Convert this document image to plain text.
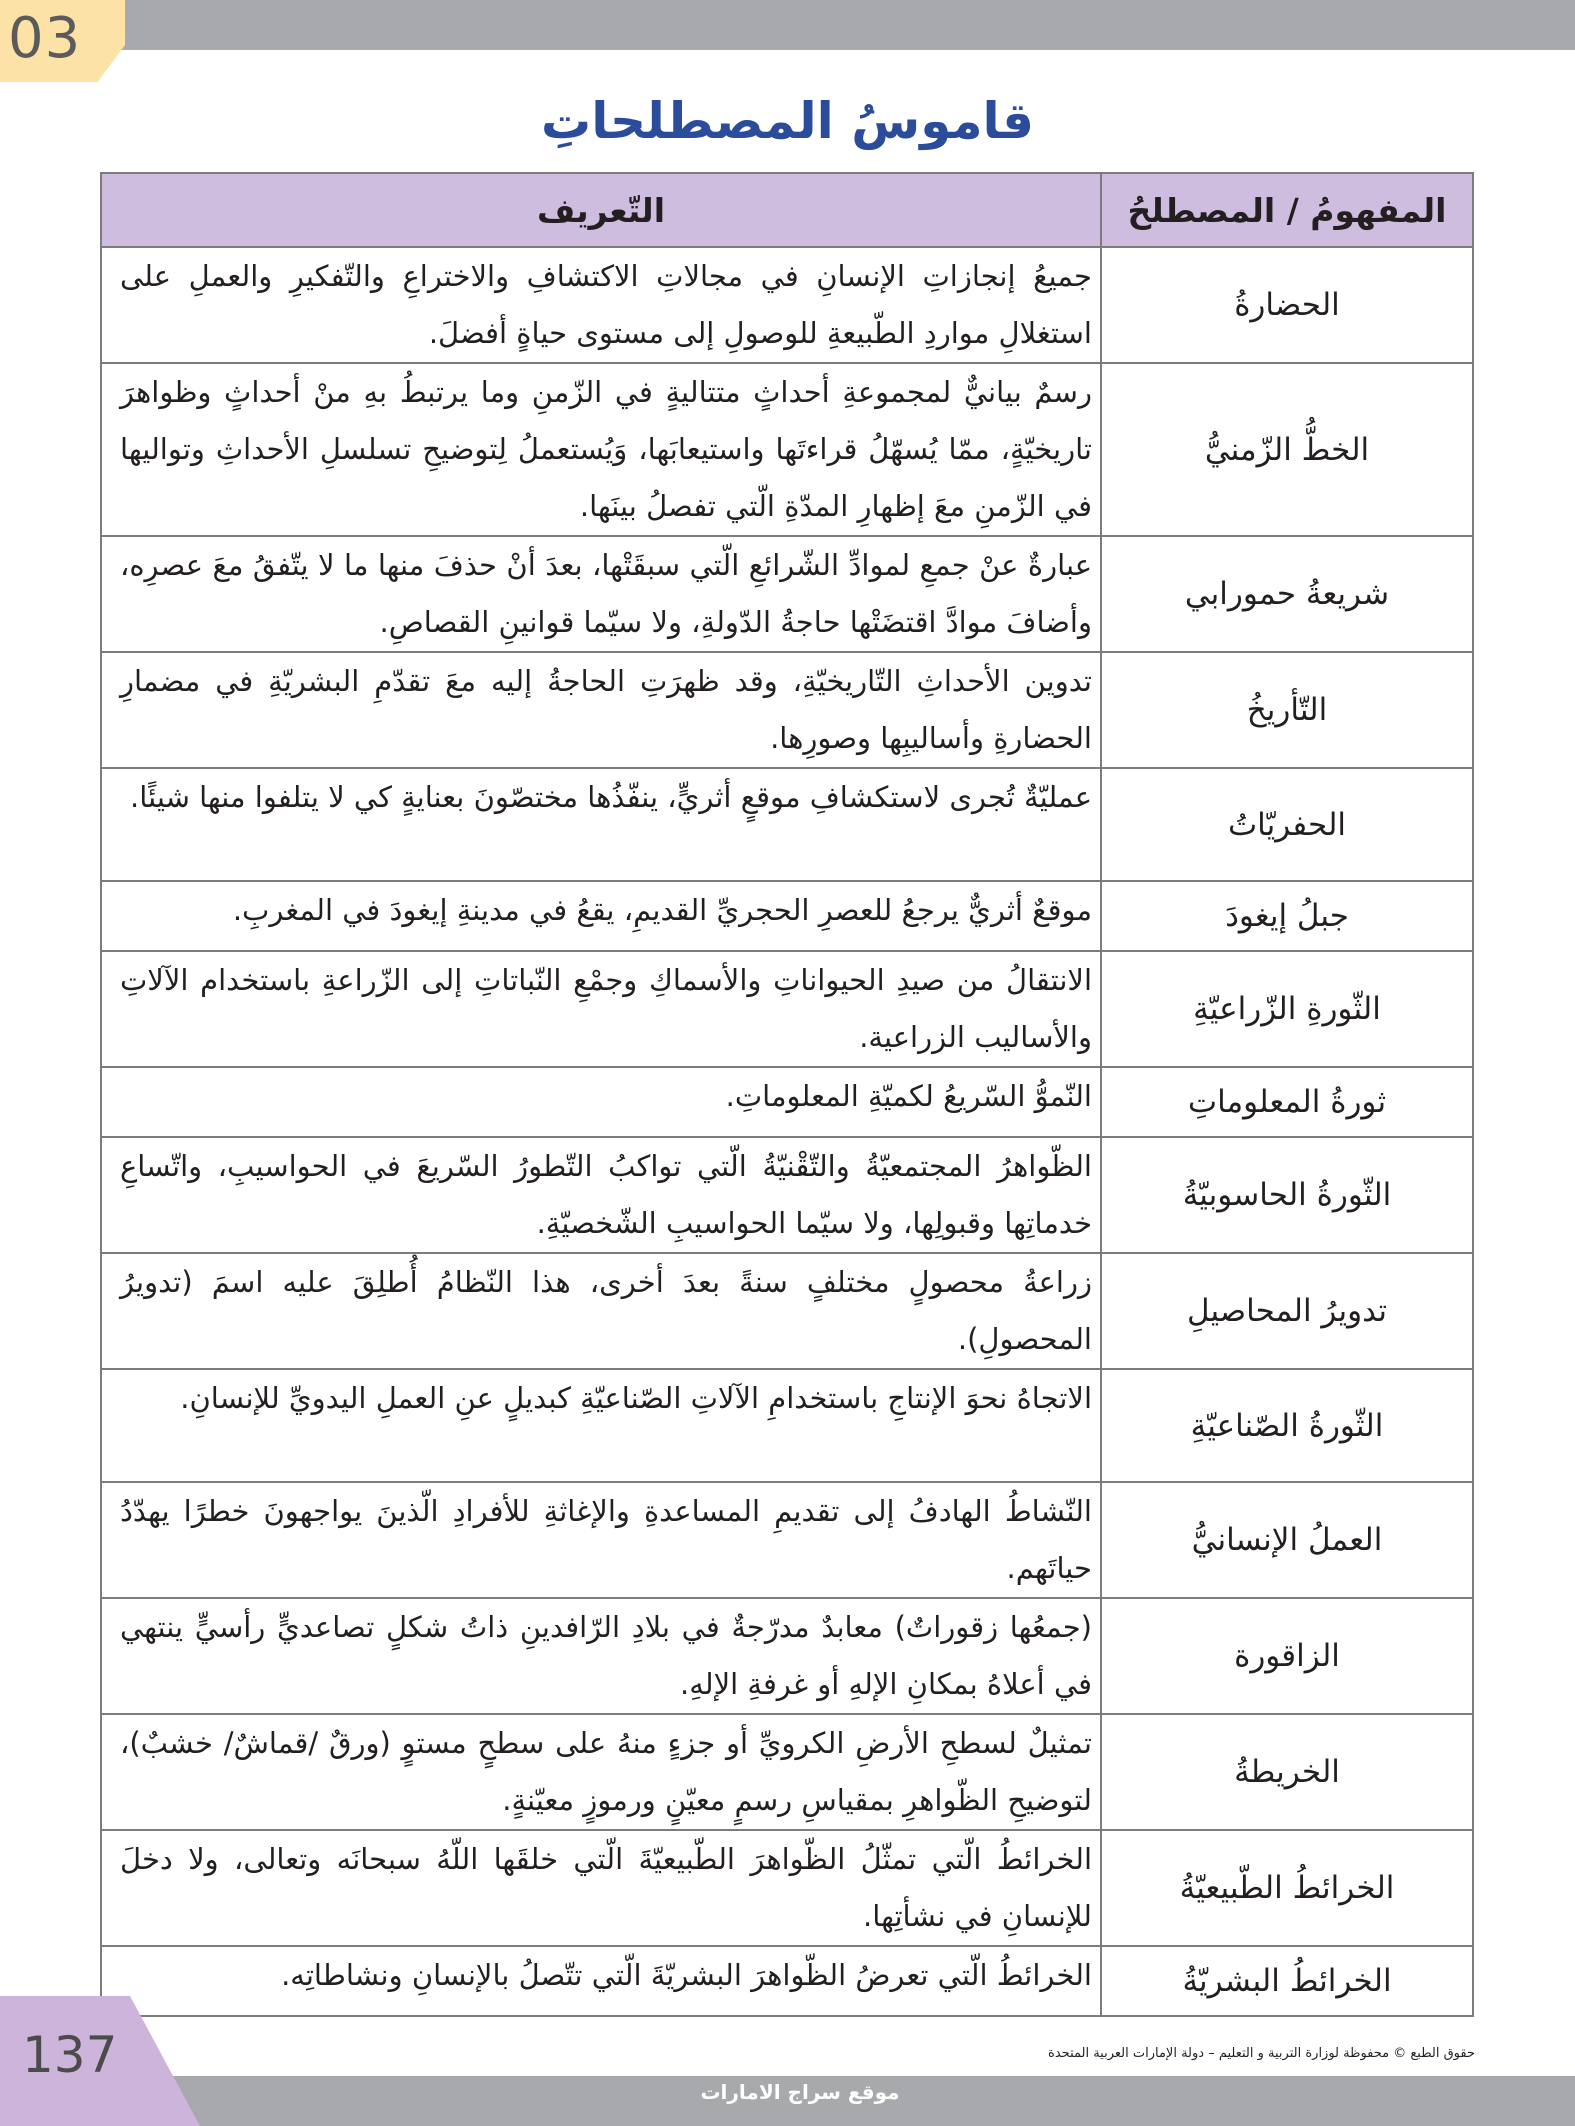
03
قاموسُ المصطلحاتِ
المفهومُ / المصطلحُ	التّعريف
الحضارةُ	جميعُ إنجازاتِ الإنسانِ في مجالاتِ الاكتشافِ والاختراعِ والتّفكيرِ والعملِ على استغلالِ مواردِ الطّبيعةِ للوصولِ إلى مستوى حياةٍ أفضلَ.
الخطُّ الزّمنيُّ	رسمٌ بيانيٌّ لمجموعةِ أحداثٍ متتاليةٍ في الزّمنِ وما يرتبطُ بهِ منْ أحداثٍ وظواهرَ تاريخيّةٍ، ممّا يُسهّلُ قراءتَها واستيعابَها، وَيُستعملُ لِتوضيحِ تسلسلِ الأحداثِ وتواليها في الزّمنِ معَ إظهارِ المدّةِ الّتي تفصلُ بينَها.
شريعةُ حمورابي	عبارةٌ عنْ جمعِ لموادِّ الشّرائعِ الّتي سبقَتْها، بعدَ أنْ حذفَ منها ما لا يتّفقُ معَ عصرِه، وأضافَ موادَّ اقتضَتْها حاجةُ الدّولةِ، ولا سيّما قوانينِ القصاصِ.
التّأريخُ	تدوين الأحداثِ التّاريخيّةِ، وقد ظهرَتِ الحاجةُ إليه معَ تقدّمِ البشريّةِ في مضمارِ الحضارةِ وأساليبِها وصورِها.
الحفريّاتُ	عمليّةٌ تُجرى لاستكشافِ موقعٍ أثريٍّ، ينفّذُها مختصّونَ بعنايةٍ كي لا يتلفوا منها شيئًا.
جبلُ إيغودَ	موقعٌ أثريٌّ يرجعُ للعصرِ الحجريِّ القديمِ، يقعُ في مدينةِ إيغودَ في المغربِ.
الثّورةِ الزّراعيّةِ	الانتقالُ من صيدِ الحيواناتِ والأسماكِ وجمْعِ النّباتاتِ إلى الزّراعةِ باستخدام الآلاتِ والأساليب الزراعية.
ثورةُ المعلوماتِ	النّموُّ السّريعُ لكميّةِ المعلوماتِ.
الثّورةُ الحاسوبيّةُ	الظّواهرُ المجتمعيّةُ والتّقْنيّةُ الّتي تواكبُ التّطورُ السّريعَ في الحواسيبِ، واتّساعِ خدماتِها وقبولِها، ولا سيّما الحواسيبِ الشّخصيّةِ.
تدويرُ المحاصيلِ	زراعةُ محصولٍ مختلفٍ سنةً بعدَ أخرى، هذا النّظامُ أُطلِقَ عليه اسمَ (تدويرُ المحصولِ).
الثّورةُ الصّناعيّةِ	الاتجاهُ نحوَ الإنتاجِ باستخدامِ الآلاتِ الصّناعيّةِ كبديلٍ عنِ العملِ اليدويِّ للإنسانِ.
العملُ الإنسانيُّ	النّشاطُ الهادفُ إلى تقديمِ المساعدةِ والإغاثةِ للأفرادِ الّذينَ يواجهونَ خطرًا يهدّدُ حياتَهم.
الزاقورة	(جمعُها زقوراتٌ) معابدٌ مدرّجةٌ في بلادِ الرّافدينِ ذاتُ شكلٍ تصاعديٍّ رأسيٍّ ينتهي في أعلاهُ بمكانِ الإلهِ أو غرفةِ الإلهِ.
الخريطةُ	تمثيلٌ لسطحِ الأرضِ الكرويِّ أو جزءٍ منهُ على سطحٍ مستوٍ (ورقٌ /قماشٌ/ خشبٌ)، لتوضيحِ الظّواهرِ بمقياسِ رسمٍ معيّنٍ ورموزٍ معيّنةٍ.
الخرائطُ الطّبيعيّةُ	الخرائطُ الّتي تمثّلُ الظّواهرَ الطّبيعيّةَ الّتي خلقَها اللّهُ سبحانَه وتعالى، ولا دخلَ للإنسانِ في نشأتِها.
الخرائطُ البشريّةُ	الخرائطُ الّتي تعرضُ الظّواهرَ البشريّةَ الّتي تتّصلُ بالإنسانِ ونشاطاتِه.
حقوق الطبع © محفوظة لوزارة التربية و التعليم – دولة الإمارات العربية المتحدة
موقع سراج الامارات
137
